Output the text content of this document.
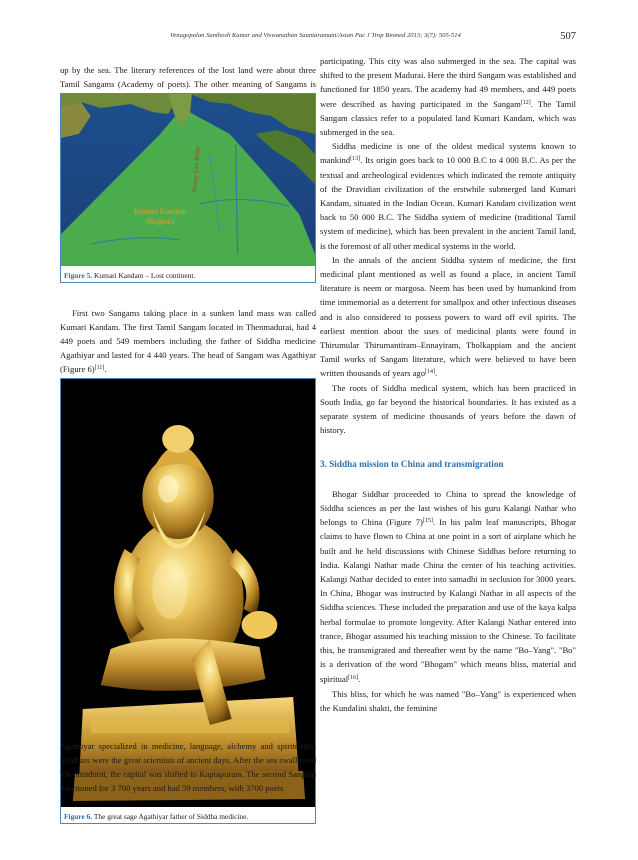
Venugopalan Santhosh Kumar and Viswanathan Sauntaramani/Asian Pac J Trop Biomed 2013; 3(7): 505-514	507

up by the sea. The literary references of the lost land were about three Tamil Sangams (Academy of poets). The other meaning of Sangams is

Kumari Kandam
(Region)
Ninety East Ridge
Figure 5. Kumari Kandam – Lost continent.

First two Sangams taking place in a sunken land mass was called Kumari Kandam. The first Tamil Sangam located in Thenmadurai, had 4 449 poets and 549 members including the father of Siddha medicine Agathiyar and lasted for 4 440 years. The head of Sangam was Agathiyar (Figure 6)[11].

Figure 6. The great sage Agathiyar father of Siddha medicine.

Agathiyar specialized in medicine, language, alchemy and spirituality. Siddhars were the great scientists of ancient days. After the sea swallowed Thenmadurai, the capital was shifted to Kaptapuram. The second Sangam functioned for 3 700 years and had 59 members, with 3700 poets

participating. This city was also submerged in the sea. The capital was shifted to the present Madurai. Here the third Sangam was established and functioned for 1850 years. The academy had 49 members, and 449 poets were described as having participated in the Sangam[12]. The Tamil Sangam classics refer to a populated land Kumari Kandam, which was submerged in the sea.

Siddha medicine is one of the oldest medical systems known to mankind[13]. Its origin goes back to 10 000 B.C to 4 000 B.C. As per the textual and archeological evidences which indicated the remote antiquity of the Dravidian civilization of the erstwhile submerged land Kumari Kandam, situated in the Indian Ocean. Kumari Kandam civilization went back to 50 000 B.C. The Siddha system of medicine (traditional Tamil system of medicine), which has been prevalent in the ancient Tamil land, is the foremost of all other medical systems in the world.

In the annals of the ancient Siddha system of medicine, the first medicinal plant mentioned as well as found a place, in ancient Tamil literature is neem or margosa. Neem has been used by humankind from time immemorial as a deterrent for smallpox and other infectious diseases and is also considered to possess powers to ward off evil spirits. The earliest mention about the uses of medicinal plants were found in Thirumular Thirumantiram–Ennayiram, Tholkappiam and the ancient Tamil works of Sangam literature, which were believed to have been written thousands of years ago[14].

The roots of Siddha medical system, which has been practiced in South India, go far beyond the historical boundaries. It has existed as a separate system of medicine thousands of years before the dawn of history.

3. Siddha mission to China and transmigration

Bhogar Siddhar proceeded to China to spread the knowledge of Siddha sciences as per the last wishes of his guru Kalangi Nathar who belongs to China (Figure 7)[15]. In his palm leaf manuscripts, Bhogar claims to have flown to China at one point in a sort of airplane which he built and he held discussions with Chinese Siddhas before returning to India. Kalangi Nathar made China the center of his teaching activities. Kalangi Nathar decided to enter into samadhi in seclusion for 3000 years. In China, Bhogar was instructed by Kalangi Nathar in all aspects of the Siddha sciences. These included the preparation and use of the kaya kalpa herbal formulae to promote longevity. After Kalangi Nathar entered into trance, Bhogar assumed his teaching mission to the Chinese. To facilitate this, he transmigrated and thereafter went by the name "Bo–Yang". "Bo" is a derivation of the word "Bhogam" which means bliss, material and spiritual[16].

This bliss, for which he was named "Bo–Yang" is experienced when the Kundalini shakti, the feminine
